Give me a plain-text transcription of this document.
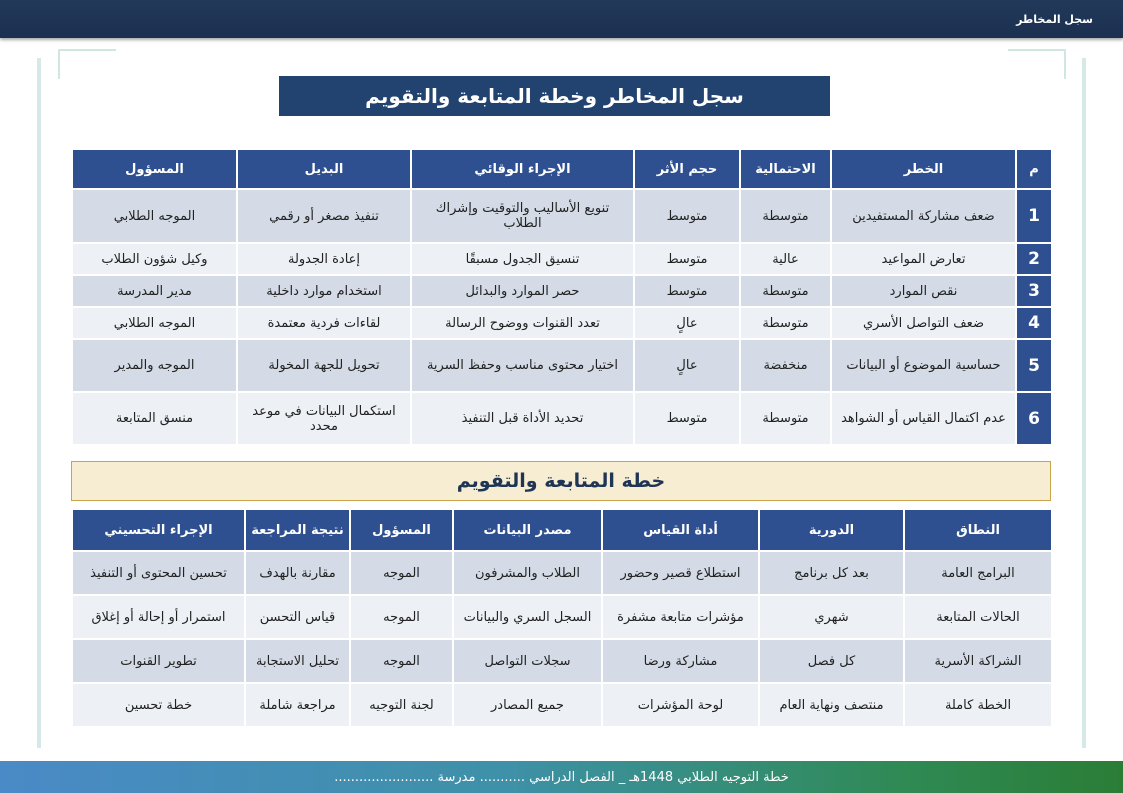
سجل المخاطر
سجل المخاطر وخطة المتابعة والتقويم
م	الخطر	الاحتمالية	حجم الأثر	الإجراء الوقائي	البديل	المسؤول
1	ضعف مشاركة المستفيدين	متوسطة	متوسط	تنويع الأساليب والتوقيت وإشراك الطلاب	تنفيذ مصغر أو رقمي	الموجه الطلابي
2	تعارض المواعيد	عالية	متوسط	تنسيق الجدول مسبقًا	إعادة الجدولة	وكيل شؤون الطلاب
3	نقص الموارد	متوسطة	متوسط	حصر الموارد والبدائل	استخدام موارد داخلية	مدير المدرسة
4	ضعف التواصل الأسري	متوسطة	عالٍ	تعدد القنوات ووضوح الرسالة	لقاءات فردية معتمدة	الموجه الطلابي
5	حساسية الموضوع أو البيانات	منخفضة	عالٍ	اختيار محتوى مناسب وحفظ السرية	تحويل للجهة المخولة	الموجه والمدير
6	عدم اكتمال القياس أو الشواهد	متوسطة	متوسط	تحديد الأداة قبل التنفيذ	استكمال البيانات في موعد محدد	منسق المتابعة
خطة المتابعة والتقويم
النطاق	الدورية	أداة القياس	مصدر البيانات	المسؤول	نتيجة المراجعة	الإجراء التحسيني
البرامج العامة	بعد كل برنامج	استطلاع قصير وحضور	الطلاب والمشرفون	الموجه	مقارنة بالهدف	تحسين المحتوى أو التنفيذ
الحالات المتابعة	شهري	مؤشرات متابعة مشفرة	السجل السري والبيانات	الموجه	قياس التحسن	استمرار أو إحالة أو إغلاق
الشراكة الأسرية	كل فصل	مشاركة ورضا	سجلات التواصل	الموجه	تحليل الاستجابة	تطوير القنوات
الخطة كاملة	منتصف ونهاية العام	لوحة المؤشرات	جميع المصادر	لجنة التوجيه	مراجعة شاملة	خطة تحسين
خطة التوجيه الطلابي 1448هـ _ الفصل الدراسي ........... مدرسة ........................
